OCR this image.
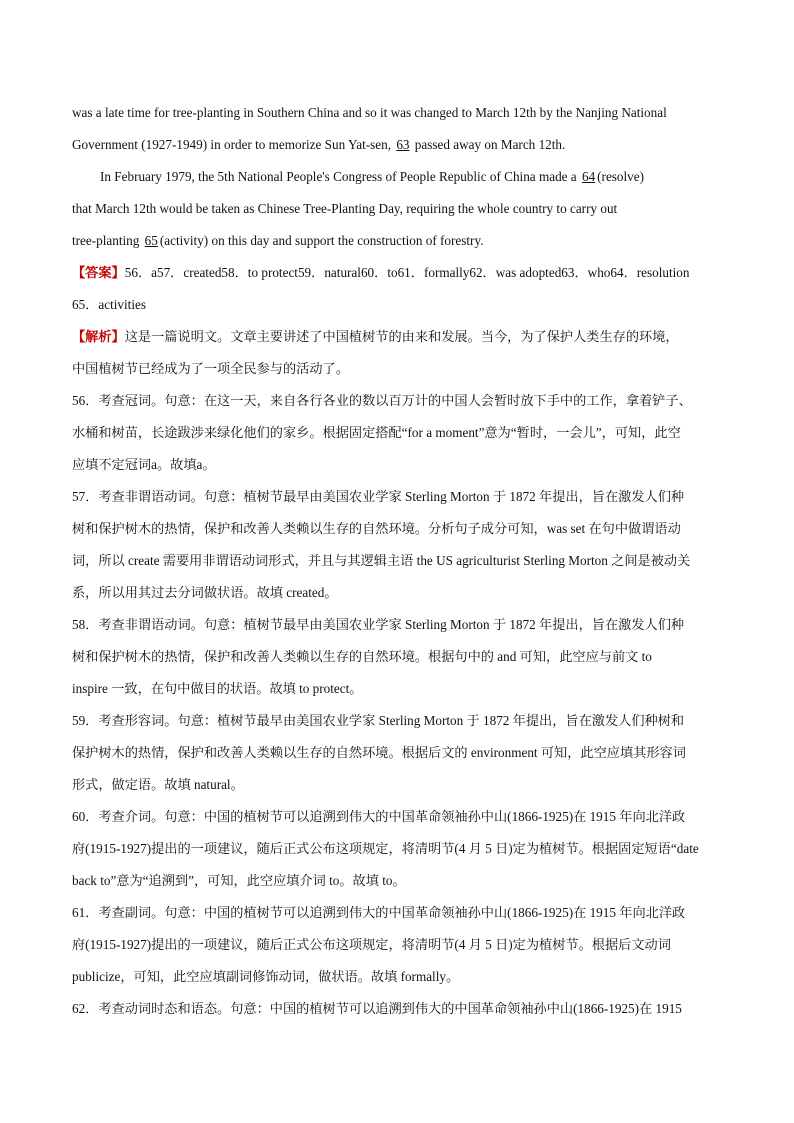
was a late time for tree-planting in Southern China and so it was changed to March 12th by the Nanjing National
Government (1927-1949) in order to memorize Sun Yat-sen, 63 passed away on March 12th.
In February 1979, the 5th National People's Congress of People Republic of China made a 64 (resolve)
that March 12th would be taken as Chinese Tree-Planting Day, requiring the whole country to carry out
tree-planting 65 (activity) on this day and support the construction of forestry.
【答案】56．a57．created58．to protect59．natural60．to61．formally62．was adopted63．who64．resolution
65．activities
【解析】这是一篇说明文。文章主要讲述了中国植树节的由来和发展。当今，为了保护人类生存的环境，
中国植树节已经成为了一项全民参与的活动了。
56．考查冠词。句意：在这一天，来自各行各业的数以百万计的中国人会暂时放下手中的工作，拿着铲子、
水桶和树苗，长途跋涉来绿化他们的家乡。根据固定搭配“for a moment”意为“暂时，一会儿”，可知，此空
应填不定冠词a。故填a。
57．考查非谓语动词。句意：植树节最早由美国农业学家 Sterling Morton 于 1872 年提出，旨在激发人们种
树和保护树木的热情，保护和改善人类赖以生存的自然环境。分析句子成分可知，was set 在句中做谓语动
词，所以 create 需要用非谓语动词形式，并且与其逻辑主语 the US agriculturist Sterling Morton 之间是被动关
系，所以用其过去分词做状语。故填 created。
58．考查非谓语动词。句意：植树节最早由美国农业学家 Sterling Morton 于 1872 年提出，旨在激发人们种
树和保护树木的热情，保护和改善人类赖以生存的自然环境。根据句中的 and 可知，此空应与前文 to
inspire 一致，在句中做目的状语。故填 to protect。
59．考查形容词。句意：植树节最早由美国农业学家 Sterling Morton 于 1872 年提出，旨在激发人们种树和
保护树木的热情，保护和改善人类赖以生存的自然环境。根据后文的 environment 可知，此空应填其形容词
形式，做定语。故填 natural。
60．考查介词。句意：中国的植树节可以追溯到伟大的中国革命领袖孙中山(1866-1925)在 1915 年向北洋政
府(1915-1927)提出的一项建议，随后正式公布这项规定，将清明节(4 月 5 日)定为植树节。根据固定短语“date
back to”意为“追溯到”，可知，此空应填介词 to。故填 to。
61．考查副词。句意：中国的植树节可以追溯到伟大的中国革命领袖孙中山(1866-1925)在 1915 年向北洋政
府(1915-1927)提出的一项建议，随后正式公布这项规定，将清明节(4 月 5 日)定为植树节。根据后文动词
publicize，可知，此空应填副词修饰动词，做状语。故填 formally。
62．考查动词时态和语态。句意：中国的植树节可以追溯到伟大的中国革命领袖孙中山(1866-1925)在 1915
